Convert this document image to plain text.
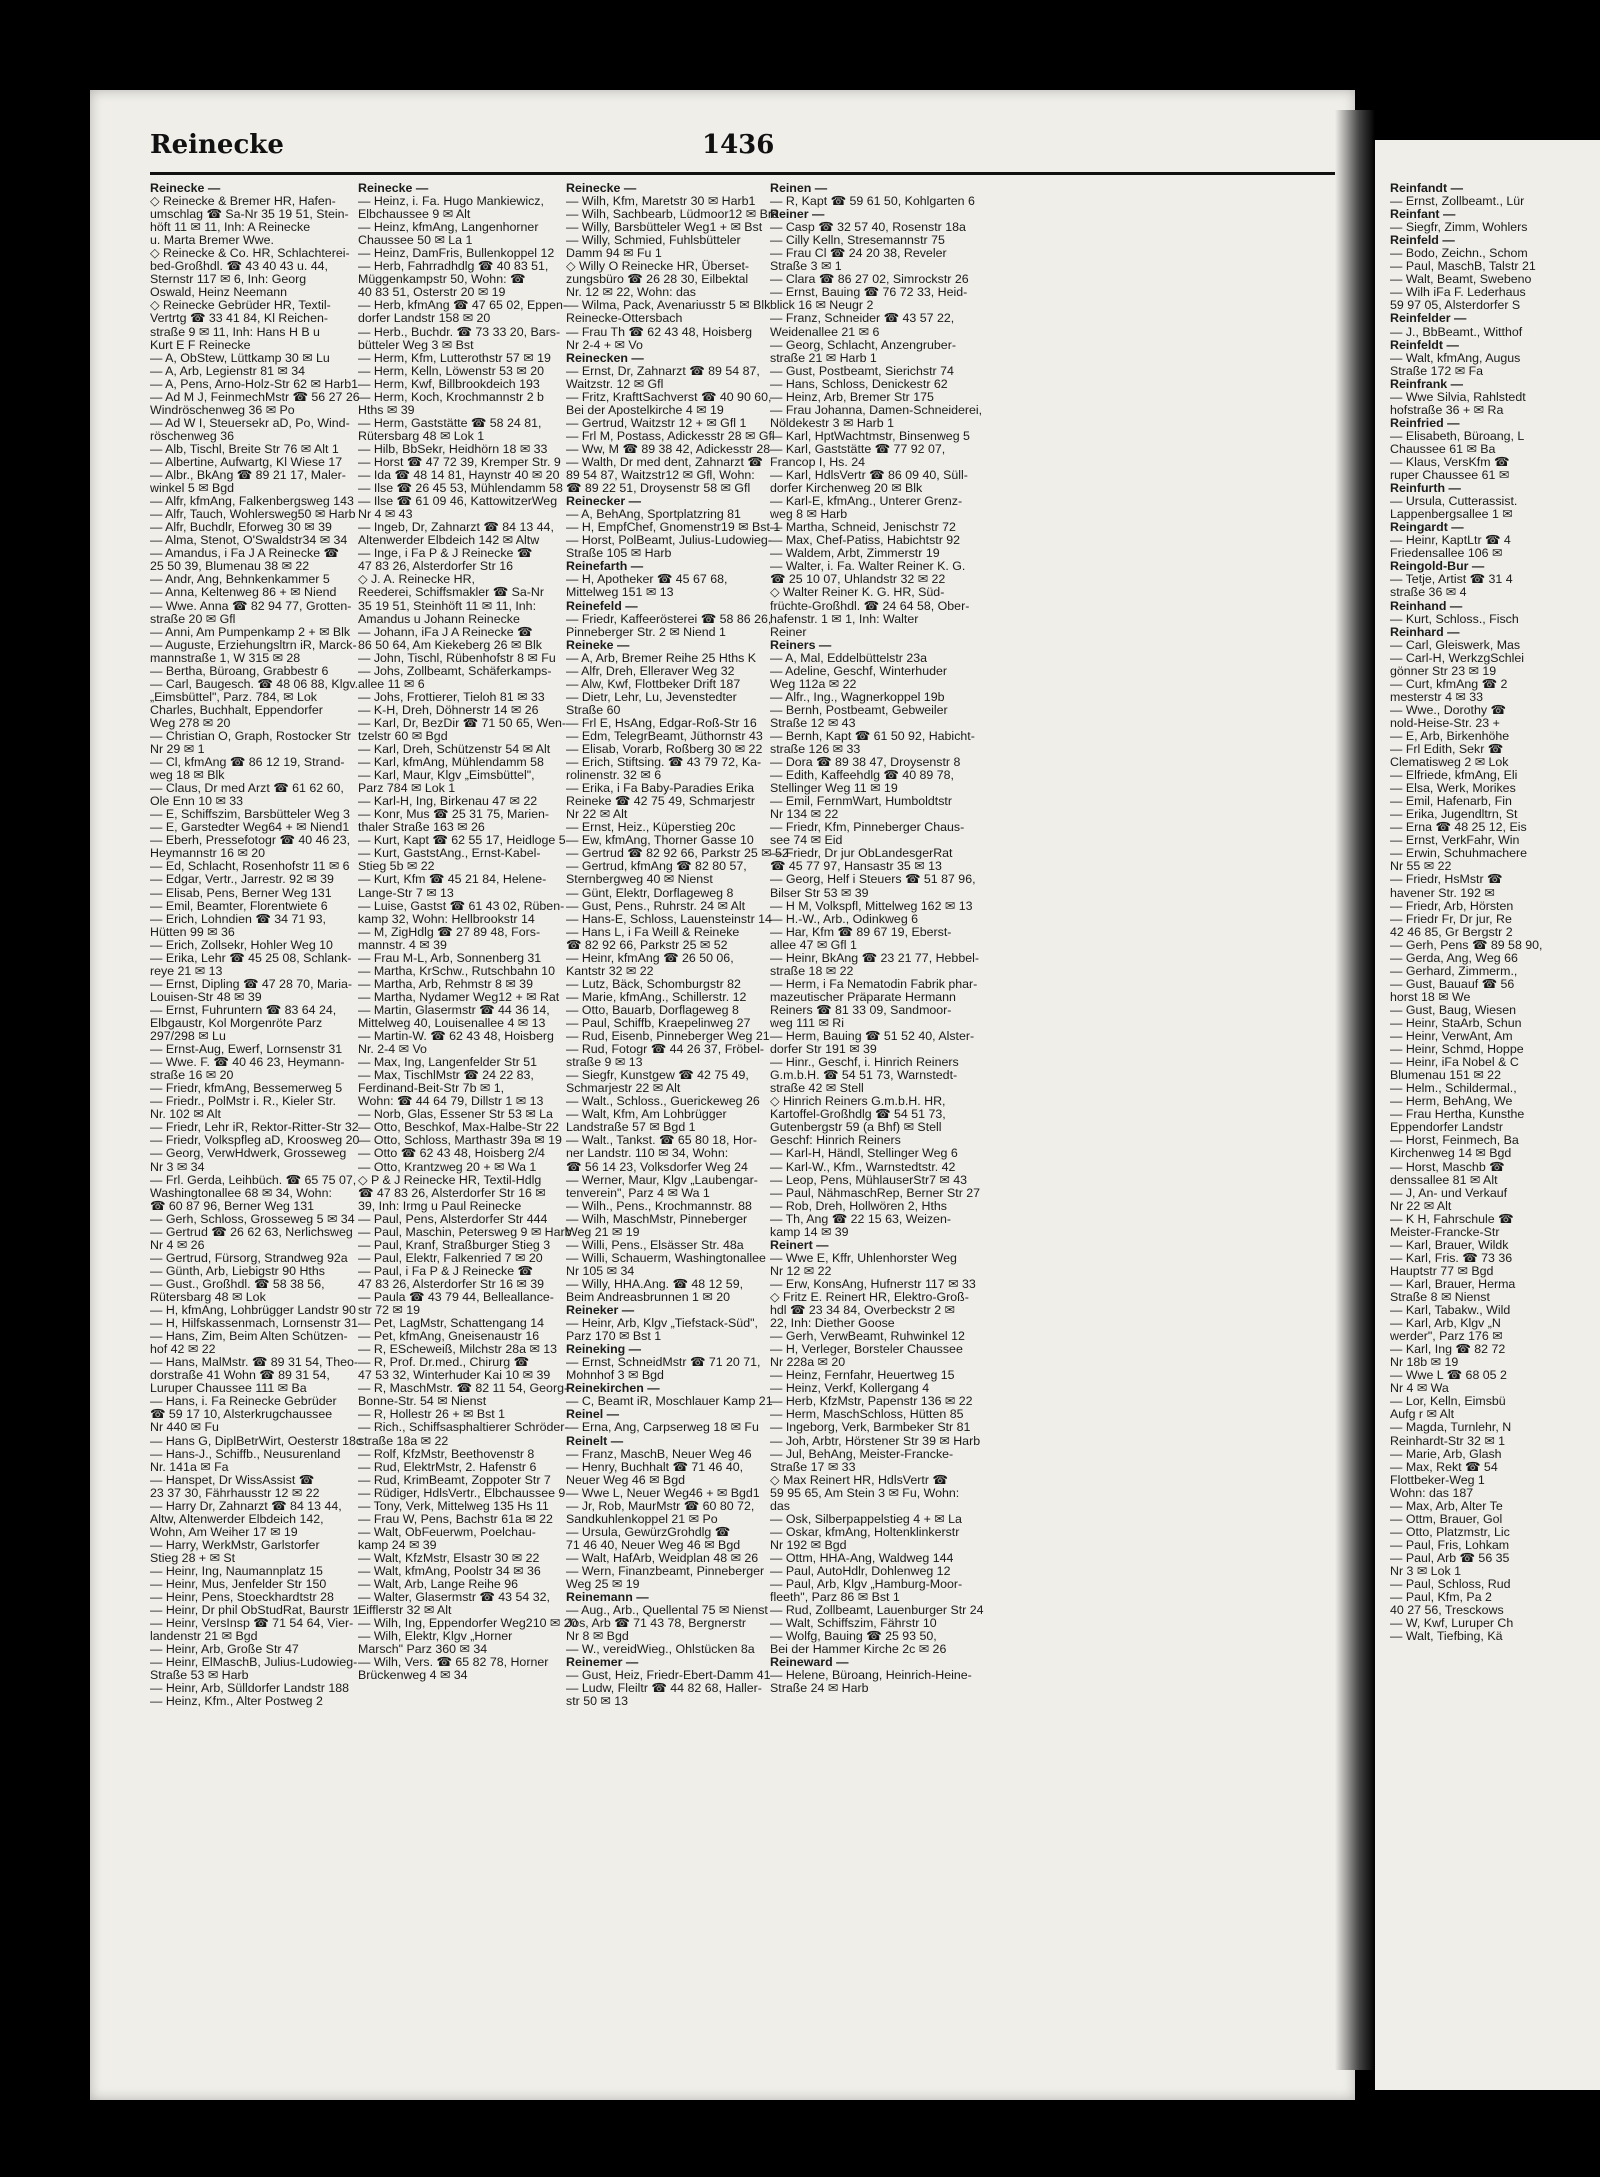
Reinecke	1436
Reinecke —
◇ Reinecke & Bremer HR, Hafen-
umschlag ☎ Sa-Nr 35 19 51, Stein-
höft 11 ✉ 11, Inh: A Reinecke
u. Marta Bremer Wwe.
◇ Reinecke & Co. HR, Schlachterei-
bed-Großhdl. ☎ 43 40 43 u. 44,
Sternstr 117 ✉ 6, Inh: Georg
Oswald, Heinz Neemann
◇ Reinecke Gebrüder HR, Textil-
Vertrtg ☎ 33 41 84, Kl Reichen-
straße 9 ✉ 11, Inh: Hans H B u
Kurt E F Reinecke
— A, ObStew, Lüttkamp 30 ✉ Lu
— A, Arb, Legienstr 81 ✉ 34
— A, Pens, Arno-Holz-Str 62 ✉ Harb1
— Ad M J, FeinmechMstr ☎ 56 27 26
Windröschenweg 36 ✉ Po
— Ad W I, Steuersekr aD, Po, Wind-
röschenweg 36
— Alb, Tischl, Breite Str 76 ✉ Alt 1
— Albertine, Aufwartg, Kl Wiese 17
— Albr., BkAng ☎ 89 21 17, Maler-
winkel 5 ✉ Bgd
— Alfr, kfmAng, Falkenbergsweg 143
— Alfr, Tauch, Wohlersweg50 ✉ Harb
— Alfr, Buchdlr, Eforweg 30 ✉ 39
— Alma, Stenot, O'Swaldstr34 ✉ 34
— Amandus, i Fa J A Reinecke ☎
25 50 39, Blumenau 38 ✉ 22
— Andr, Ang, Behnkenkammer 5
— Anna, Keltenweg 86 + ✉ Niend
— Wwe. Anna ☎ 82 94 77, Grotten-
straße 20 ✉ Gfl
— Anni, Am Pumpenkamp 2 + ✉ Blk
— Auguste, Erziehungsltrn iR, Marck-
mannstraße 1, W 315 ✉ 28
— Bertha, Büroang, Grabbestr 6
— Carl, Baugesch. ☎ 48 06 88, Klgv.
„Eimsbüttel", Parz. 784, ✉ Lok
Charles, Buchhalt, Eppendorfer
Weg 278 ✉ 20
— Christian O, Graph, Rostocker Str
Nr 29 ✉ 1
— Cl, kfmAng ☎ 86 12 19, Strand-
weg 18 ✉ Blk
— Claus, Dr med Arzt ☎ 61 62 60,
Ole Enn 10 ✉ 33
— E, Schiffszim, Barsbütteler Weg 3
— E, Garstedter Weg64 + ✉ Niend1
— Eberh, Pressefotogr ☎ 40 46 23,
Heymannstr 16 ✉ 20
— Ed, Schlacht, Rosenhofstr 11 ✉ 6
— Edgar, Vertr., Jarrestr. 92 ✉ 39
— Elisab, Pens, Berner Weg 131
— Emil, Beamter, Florentwiete 6
— Erich, Lohndien ☎ 34 71 93,
Hütten 99 ✉ 36
— Erich, Zollsekr, Hohler Weg 10
— Erika, Lehr ☎ 45 25 08, Schlank-
reye 21 ✉ 13
— Ernst, Dipling ☎ 47 28 70, Maria-
Louisen-Str 48 ✉ 39
— Ernst, Fuhruntern ☎ 83 64 24,
Elbgaustr, Kol Morgenröte Parz
297/298 ✉ Lu
— Ernst-Aug, Ewerf, Lornsenstr 31
— Wwe. F. ☎ 40 46 23, Heymann-
straße 16 ✉ 20
— Friedr, kfmAng, Bessemerweg 5
— Friedr., PolMstr i. R., Kieler Str.
Nr. 102 ✉ Alt
— Friedr, Lehr iR, Rektor-Ritter-Str 32
— Friedr, Volkspfleg aD, Kroosweg 20
— Georg, VerwHdwerk, Grosseweg
Nr 3 ✉ 34
— Frl. Gerda, Leihbüch. ☎ 65 75 07,
Washingtonallee 68 ✉ 34, Wohn:
☎ 60 87 96, Berner Weg 131
— Gerh, Schloss, Grosseweg 5 ✉ 34
— Gertrud ☎ 26 62 63, Nerlichsweg
Nr 4 ✉ 26
— Gertrud, Fürsorg, Strandweg 92a
— Günth, Arb, Liebigstr 90 Hths
— Gust., Großhdl. ☎ 58 38 56,
Rütersbarg 48 ✉ Lok
— H, kfmAng, Lohbrügger Landstr 90
— H, Hilfskassenmach, Lornsenstr 31
— Hans, Zim, Beim Alten Schützen-
hof 42 ✉ 22
— Hans, MalMstr. ☎ 89 31 54, Theo-
dorstraße 41 Wohn ☎ 89 31 54,
Luruper Chaussee 111 ✉ Ba
— Hans, i. Fa Reinecke Gebrüder
☎ 59 17 10, Alsterkrugchaussee
Nr 440 ✉ Fu
— Hans G, DiplBetrWirt, Oesterstr 18c
— Hans-J., Schiffb., Neusurenland
Nr. 141a ✉ Fa
— Hanspet, Dr WissAssist ☎
23 37 30, Fährhausstr 12 ✉ 22
— Harry Dr, Zahnarzt ☎ 84 13 44,
Altw, Altenwerder Elbdeich 142,
Wohn, Am Weiher 17 ✉ 19
— Harry, WerkMstr, Garlstorfer
Stieg 28 + ✉ St
— Heinr, Ing, Naumannplatz 15
— Heinr, Mus, Jenfelder Str 150
— Heinr, Pens, Stoeckhardtstr 28
— Heinr, Dr phil ObStudRat, Baurstr 1
— Heinr, VersInsp ☎ 71 54 64, Vier-
landenstr 21 ✉ Bgd
— Heinr, Arb, Große Str 47
— Heinr, ElMaschB, Julius-Ludowieg-
Straße 53 ✉ Harb
— Heinr, Arb, Sülldorfer Landstr 188
— Heinz, Kfm., Alter Postweg 2
Reinecke —
— Heinz, i. Fa. Hugo Mankiewicz,
Elbchaussee 9 ✉ Alt
— Heinz, kfmAng, Langenhorner
Chaussee 50 ✉ La 1
— Heinz, DamFris, Bullenkoppel 12
— Herb, Fahrradhdlg ☎ 40 83 51,
Müggenkampstr 50, Wohn: ☎
40 83 51, Osterstr 20 ✉ 19
— Herb, kfmAng ☎ 47 65 02, Eppen-
dorfer Landstr 158 ✉ 20
— Herb., Buchdr. ☎ 73 33 20, Bars-
bütteler Weg 3 ✉ Bst
— Herm, Kfm, Lutterothstr 57 ✉ 19
— Herm, Kelln, Löwenstr 53 ✉ 20
— Herm, Kwf, Billbrookdeich 193
— Herm, Koch, Krochmannstr 2 b
Hths ✉ 39
— Herm, Gaststätte ☎ 58 24 81,
Rütersbarg 48 ✉ Lok 1
— Hilb, BbSekr, Heidhörn 18 ✉ 33
— Horst ☎ 47 72 39, Kremper Str. 9
— Ida ☎ 48 14 81, Haynstr 40 ✉ 20
— Ilse ☎ 26 45 53, Mühlendamm 58
— Ilse ☎ 61 09 46, KattowitzerWeg
Nr 4 ✉ 43
— Ingeb, Dr, Zahnarzt ☎ 84 13 44,
Altenwerder Elbdeich 142 ✉ Altw
— Inge, i Fa P & J Reinecke ☎
47 83 26, Alsterdorfer Str 16
◇ J. A. Reinecke HR,
Reederei, Schiffsmakler ☎ Sa-Nr
35 19 51, Steinhöft 11 ✉ 11, Inh:
Amandus u Johann Reinecke
— Johann, iFa J A Reinecke ☎
86 50 64, Am Kiekeberg 26 ✉ Blk
— John, Tischl, Rübenhofstr 8 ✉ Fu
— Johs, Zollbeamt, Schäferkamps-
allee 11 ✉ 6
— Johs, Frottierer, Tieloh 81 ✉ 33
— K-H, Dreh, Döhnerstr 14 ✉ 26
— Karl, Dr, BezDir ☎ 71 50 65, Wen-
tzelstr 60 ✉ Bgd
— Karl, Dreh, Schützenstr 54 ✉ Alt
— Karl, kfmAng, Mühlendamm 58
— Karl, Maur, Klgv „Eimsbüttel",
Parz 784 ✉ Lok 1
— Karl-H, Ing, Birkenau 47 ✉ 22
— Konr, Mus ☎ 25 31 75, Marien-
thaler Straße 163 ✉ 26
— Kurt, Kapt ☎ 62 55 17, Heidloge 5
— Kurt, GaststAng., Ernst-Kabel-
Stieg 5b ✉ 22
— Kurt, Kfm ☎ 45 21 84, Helene-
Lange-Str 7 ✉ 13
— Luise, Gastst ☎ 61 43 02, Rüben-
kamp 32, Wohn: Hellbrookstr 14
— M, ZigHdlg ☎ 27 89 48, Fors-
mannstr. 4 ✉ 39
— Frau M-L, Arb, Sonnenberg 31
— Martha, KrSchw., Rutschbahn 10
— Martha, Arb, Rehmstr 8 ✉ 39
— Martha, Nydamer Weg12 + ✉ Rat
— Martin, Glasermstr ☎ 44 36 14,
Mittelweg 40, Louisenallee 4 ✉ 13
— Martin-W. ☎ 62 43 48, Hoisberg
Nr. 2-4 ✉ Vo
— Max, Ing, Langenfelder Str 51
— Max, TischlMstr ☎ 24 22 83,
Ferdinand-Beit-Str 7b ✉ 1,
Wohn: ☎ 44 64 79, Dillstr 1 ✉ 13
— Norb, Glas, Essener Str 53 ✉ La
— Otto, Beschkof, Max-Halbe-Str 22
— Otto, Schloss, Marthastr 39a ✉ 19
— Otto ☎ 62 43 48, Hoisberg 2/4
— Otto, Krantzweg 20 + ✉ Wa 1
◇ P & J Reinecke HR, Textil-Hdlg
☎ 47 83 26, Alsterdorfer Str 16 ✉
39, Inh: Irmg u Paul Reinecke
— Paul, Pens, Alsterdorfer Str 444
— Paul, Maschin, Petersweg 9 ✉ Harb
— Paul, Kranf, Straßburger Stieg 3
— Paul, Elektr, Falkenried 7 ✉ 20
— Paul, i Fa P & J Reinecke ☎
47 83 26, Alsterdorfer Str 16 ✉ 39
— Paula ☎ 43 79 44, Belleallance-
str 72 ✉ 19
— Pet, LagMstr, Schattengang 14
— Pet, kfmAng, Gneisenaustr 16
— R, EScheweiß, Milchstr 28a ✉ 13
— R, Prof. Dr.med., Chirurg ☎
47 53 32, Winterhuder Kai 10 ✉ 39
— R, MaschMstr. ☎ 82 11 54, Georg-
Bonne-Str. 54 ✉ Nienst
— R, Hollestr 26 + ✉ Bst 1
— Rich., Schiffsasphaltierer Schröder-
straße 18a ✉ 22
— Rolf, KfzMstr, Beethovenstr 8
— Rud, ElektrMstr, 2. Hafenstr 6
— Rud, KrimBeamt, Zoppoter Str 7
— Rüdiger, HdlsVertr., Elbchaussee 9
— Tony, Verk, Mittelweg 135 Hs 11
— Frau W, Pens, Bachstr 61a ✉ 22
— Walt, ObFeuerwm, Poelchau-
kamp 24 ✉ 39
— Walt, KfzMstr, Elsastr 30 ✉ 22
— Walt, kfmAng, Poolstr 34 ✉ 36
— Walt, Arb, Lange Reihe 96
— Walter, Glasermstr ☎ 43 54 32,
Eifflerstr 32 ✉ Alt
— Wilh, Ing, Eppendorfer Weg210 ✉ 20
— Wilh, Elektr, Klgv „Horner
Marsch" Parz 360 ✉ 34
— Wilh, Vers. ☎ 65 82 78, Horner
Brückenweg 4 ✉ 34
Reinecke —
— Wilh, Kfm, Maretstr 30 ✉ Harb1
— Wilh, Sachbearb, Lüdmoor12 ✉ Bra
— Willy, Barsbütteler Weg1 + ✉ Bst
— Willy, Schmied, Fuhlsbütteler
Damm 94 ✉ Fu 1
◇ Willy O Reinecke HR, Überset-
zungsbüro ☎ 26 28 30, Eilbektal
Nr. 12 ✉ 22, Wohn: das
— Wilma, Pack, Avenariusstr 5 ✉ Blk
Reinecke-Ottersbach
— Frau Th ☎ 62 43 48, Hoisberg
Nr 2-4 + ✉ Vo
Reinecken —
— Ernst, Dr, Zahnarzt ☎ 89 54 87,
Waitzstr. 12 ✉ Gfl
— Fritz, KrafttSachverst ☎ 40 90 60,
Bei der Apostelkirche 4 ✉ 19
— Gertrud, Waitzstr 12 + ✉ Gfl 1
— Frl M, Postass, Adickesstr 28 ✉ Gfl
— Ww, M ☎ 89 38 42, Adickesstr 28
— Walth, Dr med dent, Zahnarzt ☎
89 54 87, Waitzstr12 ✉ Gfl, Wohn:
☎ 89 22 51, Droysenstr 58 ✉ Gfl
Reinecker —
— A, BehAng, Sportplatzring 81
— H, EmpfChef, Gnomenstr19 ✉ Bst 1
— Horst, PolBeamt, Julius-Ludowieg-
Straße 105 ✉ Harb
Reinefarth —
— H, Apotheker ☎ 45 67 68,
Mittelweg 151 ✉ 13
Reinefeld —
— Friedr, Kaffeerösterei ☎ 58 86 26,
Pinneberger Str. 2 ✉ Niend 1
Reineke —
— A, Arb, Bremer Reihe 25 Hths K
— Alfr, Dreh, Elleraver Weg 32
— Alw, Kwf, Flottbeker Drift 187
— Dietr, Lehr, Lu, Jevenstedter
Straße 60
— Frl E, HsAng, Edgar-Roß-Str 16
— Edm, TelegrBeamt, Jüthornstr 43
— Elisab, Vorarb, Roßberg 30 ✉ 22
— Erich, Stiftsing. ☎ 43 79 72, Ka-
rolinenstr. 32 ✉ 6
— Erika, i Fa Baby-Paradies Erika
Reineke ☎ 42 75 49, Schmarjestr
Nr 22 ✉ Alt
— Ernst, Heiz., Küperstieg 20c
— Ew, kfmAng, Thorner Gasse 10
— Gertrud ☎ 82 92 66, Parkstr 25 ✉ 52
— Gertrud, kfmAng ☎ 82 80 57,
Sternbergweg 40 ✉ Nienst
— Günt, Elektr, Dorflageweg 8
— Gust, Pens., Ruhrstr. 24 ✉ Alt
— Hans-E, Schloss, Lauensteinstr 14
— Hans L, i Fa Weill & Reineke
☎ 82 92 66, Parkstr 25 ✉ 52
— Heinr, kfmAng ☎ 26 50 06,
Kantstr 32 ✉ 22
— Lutz, Bäck, Schomburgstr 82
— Marie, kfmAng., Schillerstr. 12
— Otto, Bauarb, Dorflageweg 8
— Paul, Schiffb, Kraepelinweg 27
— Rud, Eisenb, Pinneberger Weg 21
— Rud, Fotogr ☎ 44 26 37, Fröbel-
straße 9 ✉ 13
— Siegfr, Kunstgew ☎ 42 75 49,
Schmarjestr 22 ✉ Alt
— Walt., Schloss., Guerickeweg 26
— Walt, Kfm, Am Lohbrügger
Landstraße 57 ✉ Bgd 1
— Walt., Tankst. ☎ 65 80 18, Hor-
ner Landstr. 110 ✉ 34, Wohn:
☎ 56 14 23, Volksdorfer Weg 24
— Werner, Maur, Klgv „Laubengar-
tenverein", Parz 4 ✉ Wa 1
— Wilh., Pens., Krochmannstr. 88
— Wilh, MaschMstr, Pinneberger
Weg 21 ✉ 19
— Willi, Pens., Elsässer Str. 48a
— Willi, Schauerm, Washingtonallee
Nr 105 ✉ 34
— Willy, HHA.Ang. ☎ 48 12 59,
Beim Andreasbrunnen 1 ✉ 20
Reineker —
— Heinr, Arb, Klgv „Tiefstack-Süd",
Parz 170 ✉ Bst 1
Reineking —
— Ernst, SchneidMstr ☎ 71 20 71,
Mohnhof 3 ✉ Bgd
Reinekirchen —
— C, Beamt iR, Moschlauer Kamp 21
Reinel —
— Erna, Ang, Carpserweg 18 ✉ Fu
Reinelt —
— Franz, MaschB, Neuer Weg 46
— Henry, Buchhalt ☎ 71 46 40,
Neuer Weg 46 ✉ Bgd
— Wwe L, Neuer Weg46 + ✉ Bgd1
— Jr, Rob, MaurMstr ☎ 60 80 72,
Sandkuhlenkoppel 21 ✉ Po
— Ursula, GewürzGrohdlg ☎
71 46 40, Neuer Weg 46 ✉ Bgd
— Walt, HafArb, Weidplan 48 ✉ 26
— Wern, Finanzbeamt, Pinneberger
Weg 25 ✉ 19
Reinemann —
— Aug., Arb., Quellental 75 ✉ Nienst
Jos, Arb ☎ 71 43 78, Bergnerstr
Nr 8 ✉ Bgd
— W., vereidWieg., Ohlstücken 8a
Reinemer —
— Gust, Heiz, Friedr-Ebert-Damm 41
— Ludw, Fleiltr ☎ 44 82 68, Haller-
str 50 ✉ 13
Reinen —
— R, Kapt ☎ 59 61 50, Kohlgarten 6
Reiner —
— Casp ☎ 32 57 40, Rosenstr 18a
— Cilly Kelln, Stresemannstr 75
— Frau Cl ☎ 24 20 38, Reveler
Straße 3 ✉ 1
— Clara ☎ 86 27 02, Simrockstr 26
— Ernst, Bauing ☎ 76 72 33, Heid-
blick 16 ✉ Neugr 2
— Franz, Schneider ☎ 43 57 22,
Weidenallee 21 ✉ 6
— Georg, Schlacht, Anzengruber-
straße 21 ✉ Harb 1
— Gust, Postbeamt, Sierichstr 74
— Hans, Schloss, Denickestr 62
— Heinz, Arb, Bremer Str 175
— Frau Johanna, Damen-Schneiderei,
Nöldekestr 3 ✉ Harb 1
— Karl, HptWachtmstr, Binsenweg 5
— Karl, Gaststätte ☎ 77 92 07,
Francop I, Hs. 24
— Karl, HdlsVertr ☎ 86 09 40, Süll-
dorfer Kirchenweg 20 ✉ Blk
— Karl-E, kfmAng., Unterer Grenz-
weg 8 ✉ Harb
— Martha, Schneid, Jenischstr 72
— Max, Chef-Patiss, Habichtstr 92
— Waldem, Arbt, Zimmerstr 19
— Walter, i. Fa. Walter Reiner K. G.
☎ 25 10 07, Uhlandstr 32 ✉ 22
◇ Walter Reiner K. G. HR, Süd-
früchte-Großhdl. ☎ 24 64 58, Ober-
hafenstr. 1 ✉ 1, Inh: Walter
Reiner
Reiners —
— A, Mal, Eddelbüttelstr 23a
— Adeline, Geschf, Winterhuder
Weg 112a ✉ 22
— Alfr., Ing., Wagnerkoppel 19b
— Bernh, Postbeamt, Gebweiler
Straße 12 ✉ 43
— Bernh, Kapt ☎ 61 50 92, Habicht-
straße 126 ✉ 33
— Dora ☎ 89 38 47, Droysenstr 8
— Edith, Kaffeehdlg ☎ 40 89 78,
Stellinger Weg 11 ✉ 19
— Emil, FernmWart, Humboldtstr
Nr 134 ✉ 22
— Friedr, Kfm, Pinneberger Chaus-
see 74 ✉ Eid
— Friedr, Dr jur ObLandesgerRat
☎ 45 77 97, Hansastr 35 ✉ 13
— Georg, Helf i Steuers ☎ 51 87 96,
Bilser Str 53 ✉ 39
— H M, Volkspfl, Mittelweg 162 ✉ 13
— H.-W., Arb., Odinkweg 6
— Har, Kfm ☎ 89 67 19, Eberst-
allee 47 ✉ Gfl 1
— Heinr, BkAng ☎ 23 21 77, Hebbel-
straße 18 ✉ 22
— Herm, i Fa Nematodin Fabrik phar-
mazeutischer Präparate Hermann
Reiners ☎ 81 33 09, Sandmoor-
weg 111 ✉ Ri
— Herm, Bauing ☎ 51 52 40, Alster-
dorfer Str 191 ✉ 39
— Hinr., Geschf, i. Hinrich Reiners
G.m.b.H. ☎ 54 51 73, Warnstedt-
straße 42 ✉ Stell
◇ Hinrich Reiners G.m.b.H. HR,
Kartoffel-Großhdlg ☎ 54 51 73,
Gutenbergstr 59 (a Bhf) ✉ Stell
Geschf: Hinrich Reiners
— Karl-H, Händl, Stellinger Weg 6
— Karl-W., Kfm., Warnstedtstr. 42
— Leop, Pens, MühlauserStr7 ✉ 43
— Paul, NähmaschRep, Berner Str 27
— Rob, Dreh, Hollwören 2, Hths
— Th, Ang ☎ 22 15 63, Weizen-
kamp 14 ✉ 39
Reinert —
— Wwe E, Kffr, Uhlenhorster Weg
Nr 12 ✉ 22
— Erw, KonsAng, Hufnerstr 117 ✉ 33
◇ Fritz E. Reinert HR, Elektro-Groß-
hdl ☎ 23 34 84, Overbeckstr 2 ✉
22, Inh: Diether Goose
— Gerh, VerwBeamt, Ruhwinkel 12
— H, Verleger, Borsteler Chaussee
Nr 228a ✉ 20
— Heinz, Fernfahr, Heuertweg 15
— Heinz, Verkf, Kollergang 4
— Herb, KfzMstr, Papenstr 136 ✉ 22
— Herm, MaschSchloss, Hütten 85
— Ingeborg, Verk, Barmbeker Str 81
— Joh, Arbtr, Hörstener Str 39 ✉ Harb
— Jul, BehAng, Meister-Francke-
Straße 17 ✉ 33
◇ Max Reinert HR, HdlsVertr ☎
59 95 65, Am Stein 3 ✉ Fu, Wohn:
das
— Osk, Silberpappelstieg 4 + ✉ La
— Oskar, kfmAng, Holtenklinkerstr
Nr 192 ✉ Bgd
— Ottm, HHA-Ang, Waldweg 144
— Paul, AutoHdlr, Dohlenweg 12
— Paul, Arb, Klgv „Hamburg-Moor-
fleeth", Parz 86 ✉ Bst 1
— Rud, Zollbeamt, Lauenburger Str 24
— Walt, Schiffszim, Fährstr 10
— Wolfg, Bauing ☎ 25 93 50,
Bei der Hammer Kirche 2c ✉ 26
Reineward —
— Helene, Büroang, Heinrich-Heine-
Straße 24 ✉ Harb
Reinfandt —
— Ernst, Zollbeamt., Lür
Reinfant —
— Siegfr, Zimm, Wohlers
Reinfeld —
— Bodo, Zeichn., Schom
— Paul, MaschB, Talstr 21
— Walt, Beamt, Swebeno
— Wilh iFa F. Lederhaus
59 97 05, Alsterdorfer S
Reinfelder —
— J., BbBeamt., Witthof
Reinfeldt —
— Walt, kfmAng, Augus
Straße 172 ✉ Fa
Reinfrank —
— Wwe Silvia, Rahlstedt
hofstraße 36 + ✉ Ra
Reinfried —
— Elisabeth, Büroang, L
Chaussee 61 ✉ Ba
— Klaus, VersKfm ☎
ruper Chaussee 61 ✉
Reinfurth —
— Ursula, Cutterassist.
Lappenbergsallee 1 ✉
Reingardt —
— Heinr, KaptLtr ☎ 4
Friedensallee 106 ✉
Reingold-Bur —
— Tetje, Artist ☎ 31 4
straße 36 ✉ 4
Reinhand —
— Kurt, Schloss., Fisch
Reinhard —
— Carl, Gleiswerk, Mas
— Carl-H, WerkzgSchlei
gönner Str 23 ✉ 19
— Curt, kfmAng ☎ 2
mesterstr 4 ✉ 33
— Wwe., Dorothy ☎
nold-Heise-Str. 23 +
— E, Arb, Birkenhöhe
— Frl Edith, Sekr ☎
Clematisweg 2 ✉ Lok
— Elfriede, kfmAng, Eli
— Elsa, Werk, Morikes
— Emil, Hafenarb, Fin
— Erika, Jugendltrn, St
— Erna ☎ 48 25 12, Eis
— Ernst, VerkFahr, Win
— Erwin, Schuhmachere
Nr 55 ✉ 22
— Friedr, HsMstr ☎
havener Str. 192 ✉
— Friedr, Arb, Hörsten
— Friedr Fr, Dr jur, Re
42 46 85, Gr Bergstr 2
— Gerh, Pens ☎ 89 58 90,
— Gerda, Ang, Weg 66
— Gerhard, Zimmerm.,
— Gust, Bauauf ☎ 56
horst 18 ✉ We
— Gust, Baug, Wiesen
— Heinr, StaArb, Schun
— Heinr, VerwAnt, Am
— Heinr, Schmd, Hoppe
— Heinr, iFa Nobel & C
Blumenau 151 ✉ 22
— Helm., Schildermal.,
— Herm, BehAng, We
— Frau Hertha, Kunsthe
Eppendorfer Landstr
— Horst, Feinmech, Ba
Kirchenweg 14 ✉ Bgd
— Horst, Maschb ☎
denssallee 81 ✉ Alt
— J, An- und Verkauf
Nr 22 ✉ Alt
— K H, Fahrschule ☎
Meister-Francke-Str
— Karl, Brauer, Wildk
— Karl, Fris. ☎ 73 36
Hauptstr 77 ✉ Bgd
— Karl, Brauer, Herma
Straße 8 ✉ Nienst
— Karl, Tabakw., Wild
— Karl, Arb, Klgv „N
werder", Parz 176 ✉
— Karl, Ing ☎ 82 72
Nr 18b ✉ 19
— Wwe L ☎ 68 05 2
Nr 4 ✉ Wa
— Lor, Kelln, Eimsbü
Aufg r ✉ Alt
— Magda, Turnlehr, N
Reinhardt-Str 32 ✉ 1
— Marie, Arb, Glash
— Max, Rekt ☎ 54
Flottbeker-Weg 1
Wohn: das 187
— Max, Arb, Alter Te
— Ottm, Brauer, Gol
— Otto, Platzmstr, Lic
— Paul, Fris, Lohkam
— Paul, Arb ☎ 56 35
Nr 3 ✉ Lok 1
— Paul, Schloss, Rud
— Paul, Kfm, Pa 2
40 27 56, Tresckows
— W, Kwf, Luruper Ch
— Walt, Tiefbing, Kä
